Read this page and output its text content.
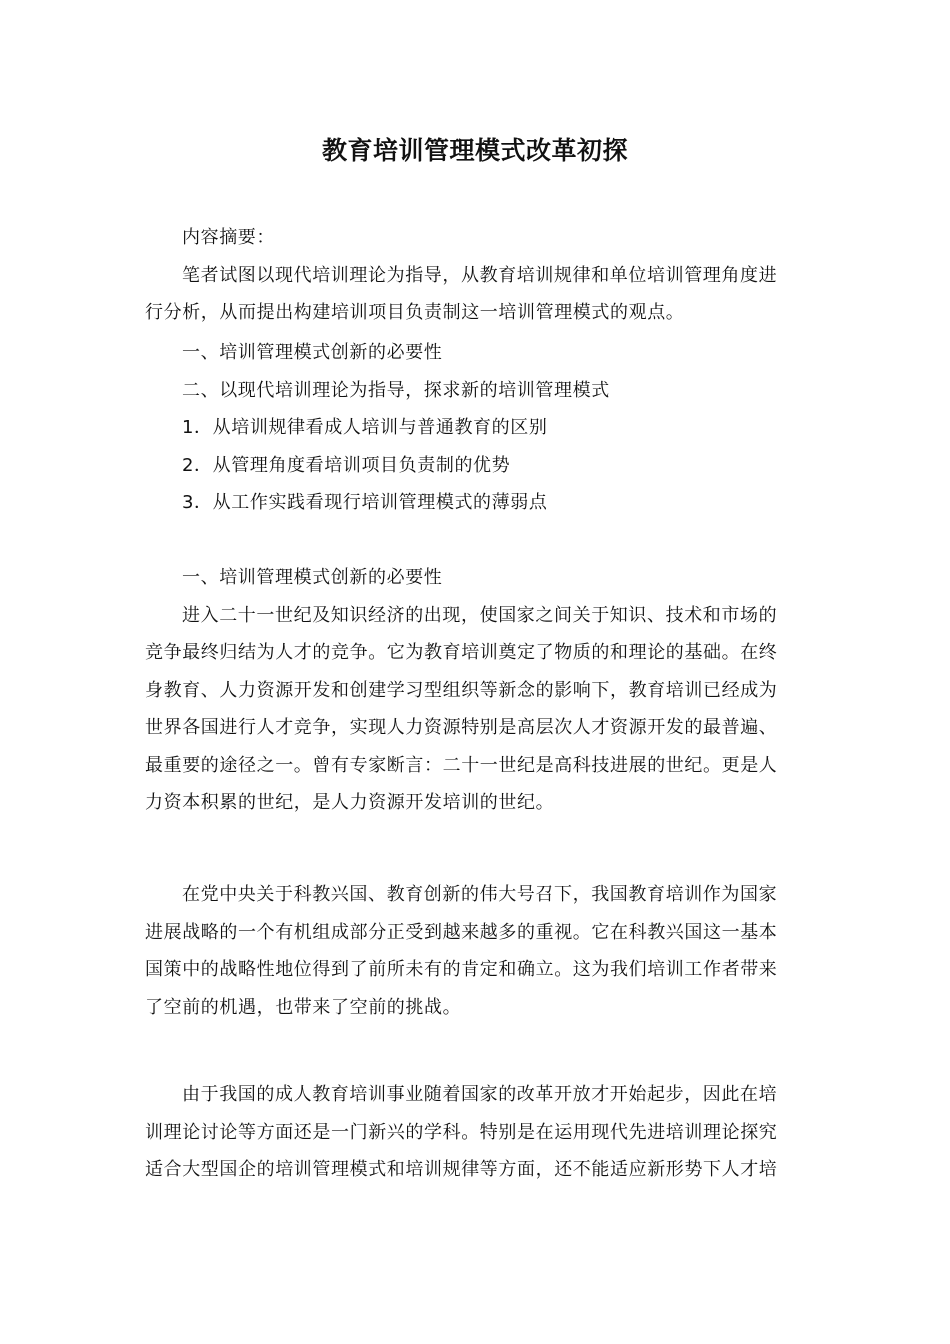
教育培训管理模式改革初探
内容摘要：
笔者试图以现代培训理论为指导，从教育培训规律和单位培训管理角度进
行分析，从而提出构建培训项目负责制这一培训管理模式的观点。
一、培训管理模式创新的必要性
二、以现代培训理论为指导，探求新的培训管理模式
1．从培训规律看成人培训与普通教育的区别
2．从管理角度看培训项目负责制的优势
3．从工作实践看现行培训管理模式的薄弱点
一、培训管理模式创新的必要性
进入二十一世纪及知识经济的出现，使国家之间关于知识、技术和市场的
竞争最终归结为人才的竞争。它为教育培训奠定了物质的和理论的基础。在终
身教育、人力资源开发和创建学习型组织等新念的影响下，教育培训已经成为
世界各国进行人才竞争，实现人力资源特别是高层次人才资源开发的最普遍、
最重要的途径之一。曾有专家断言：二十一世纪是高科技进展的世纪。更是人
力资本积累的世纪，是人力资源开发培训的世纪。
在党中央关于科教兴国、教育创新的伟大号召下，我国教育培训作为国家
进展战略的一个有机组成部分正受到越来越多的重视。它在科教兴国这一基本
国策中的战略性地位得到了前所未有的肯定和确立。这为我们培训工作者带来
了空前的机遇，也带来了空前的挑战。
由于我国的成人教育培训事业随着国家的改革开放才开始起步，因此在培
训理论讨论等方面还是一门新兴的学科。特别是在运用现代先进培训理论探究
适合大型国企的培训管理模式和培训规律等方面，还不能适应新形势下人才培
